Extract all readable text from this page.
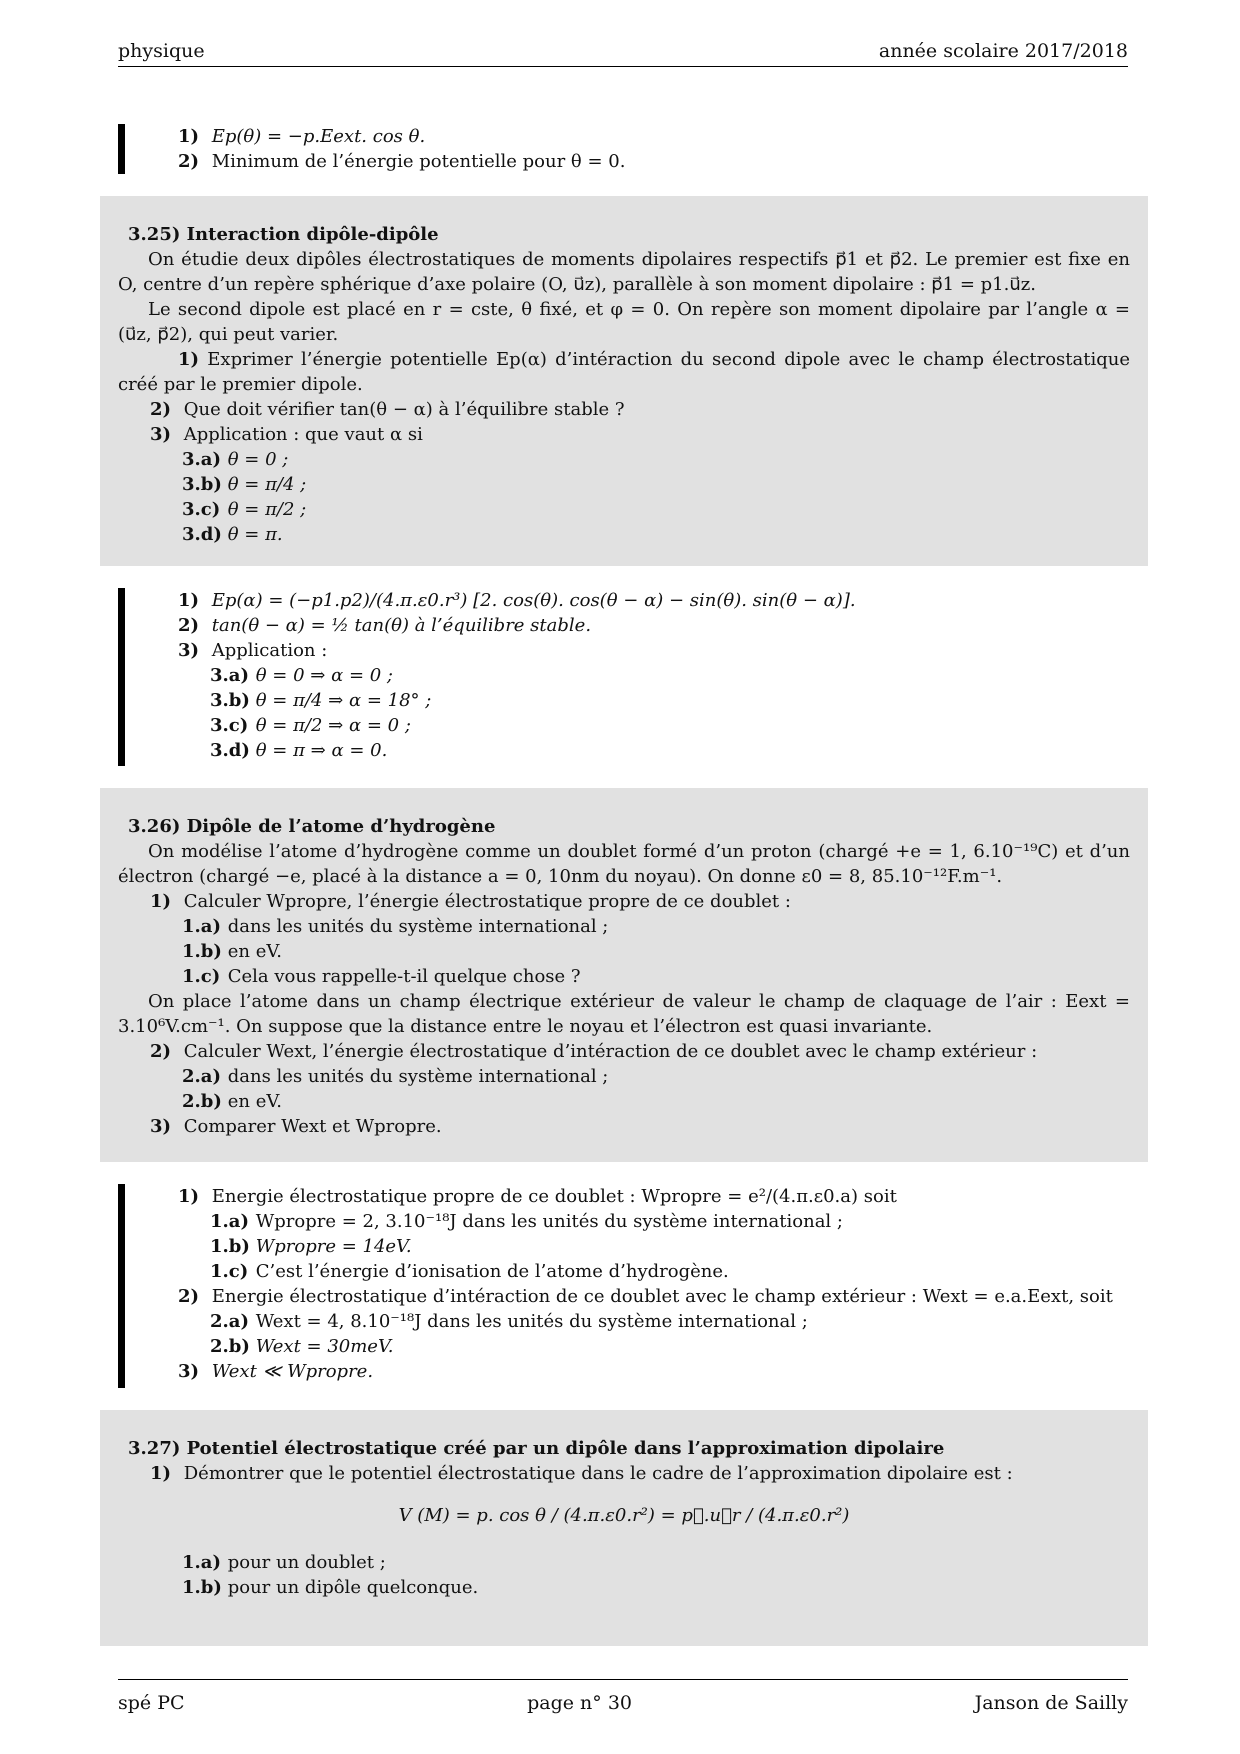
physique	année scolaire 2017/2018
1) Ep(θ) = −p.Eext. cos θ.
2) Minimum de l’énergie potentielle pour θ = 0.
3.25) Interaction dipôle-dipôle
On étudie deux dipôles électrostatiques de moments dipolaires respectifs p⃗1 et p⃗2. Le premier est fixe en O, centre d’un repère sphérique d’axe polaire (O, u⃗z), parallèle à son moment dipolaire : p⃗1 = p1.u⃗z.
Le second dipole est placé en r = cste, θ fixé, et φ = 0. On repère son moment dipolaire par l’angle α = (u⃗z, p⃗2), qui peut varier.
1) Exprimer l’énergie potentielle Ep(α) d’intéraction du second dipole avec le champ électrostatique créé par le premier dipole.
2) Que doit vérifier tan(θ − α) à l’équilibre stable ?
3) Application : que vaut α si
3.a) θ = 0 ;
3.b) θ = π/4 ;
3.c) θ = π/2 ;
3.d) θ = π.
1) Ep(α) = (−p1.p2)/(4.π.ε0.r³) [2. cos(θ). cos(θ − α) − sin(θ). sin(θ − α)].
2) tan(θ − α) = ½ tan(θ) à l’équilibre stable.
3) Application :
3.a) θ = 0 ⇒ α = 0 ;
3.b) θ = π/4 ⇒ α = 18° ;
3.c) θ = π/2 ⇒ α = 0 ;
3.d) θ = π ⇒ α = 0.
3.26) Dipôle de l’atome d’hydrogène
On modélise l’atome d’hydrogène comme un doublet formé d’un proton (chargé +e = 1, 6.10⁻¹⁹C) et d’un électron (chargé −e, placé à la distance a = 0, 10nm du noyau). On donne ε0 = 8, 85.10⁻¹²F.m⁻¹.
1) Calculer Wpropre, l’énergie électrostatique propre de ce doublet :
1.a) dans les unités du système international ;
1.b) en eV.
1.c) Cela vous rappelle-t-il quelque chose ?
On place l’atome dans un champ électrique extérieur de valeur le champ de claquage de l’air : Eext = 3.10⁶V.cm⁻¹. On suppose que la distance entre le noyau et l’électron est quasi invariante.
2) Calculer Wext, l’énergie électrostatique d’intéraction de ce doublet avec le champ extérieur :
2.a) dans les unités du système international ;
2.b) en eV.
3) Comparer Wext et Wpropre.
1) Energie électrostatique propre de ce doublet : Wpropre = e²/(4.π.ε0.a) soit
1.a) Wpropre = 2, 3.10⁻¹⁸J dans les unités du système international ;
1.b) Wpropre = 14eV.
1.c) C’est l’énergie d’ionisation de l’atome d’hydrogène.
2) Energie électrostatique d’intéraction de ce doublet avec le champ extérieur : Wext = e.a.Eext, soit
2.a) Wext = 4, 8.10⁻¹⁸J dans les unités du système international ;
2.b) Wext = 30meV.
3) Wext ≪ Wpropre.
3.27) Potentiel électrostatique créé par un dipôle dans l’approximation dipolaire
1) Démontrer que le potentiel électrostatique dans le cadre de l’approximation dipolaire est :
V (M) = p. cos θ / (4.π.ε0.r²) = p⃗.u⃗r / (4.π.ε0.r²)
1.a) pour un doublet ;
1.b) pour un dipôle quelconque.
spé PC	page n° 30	Janson de Sailly
